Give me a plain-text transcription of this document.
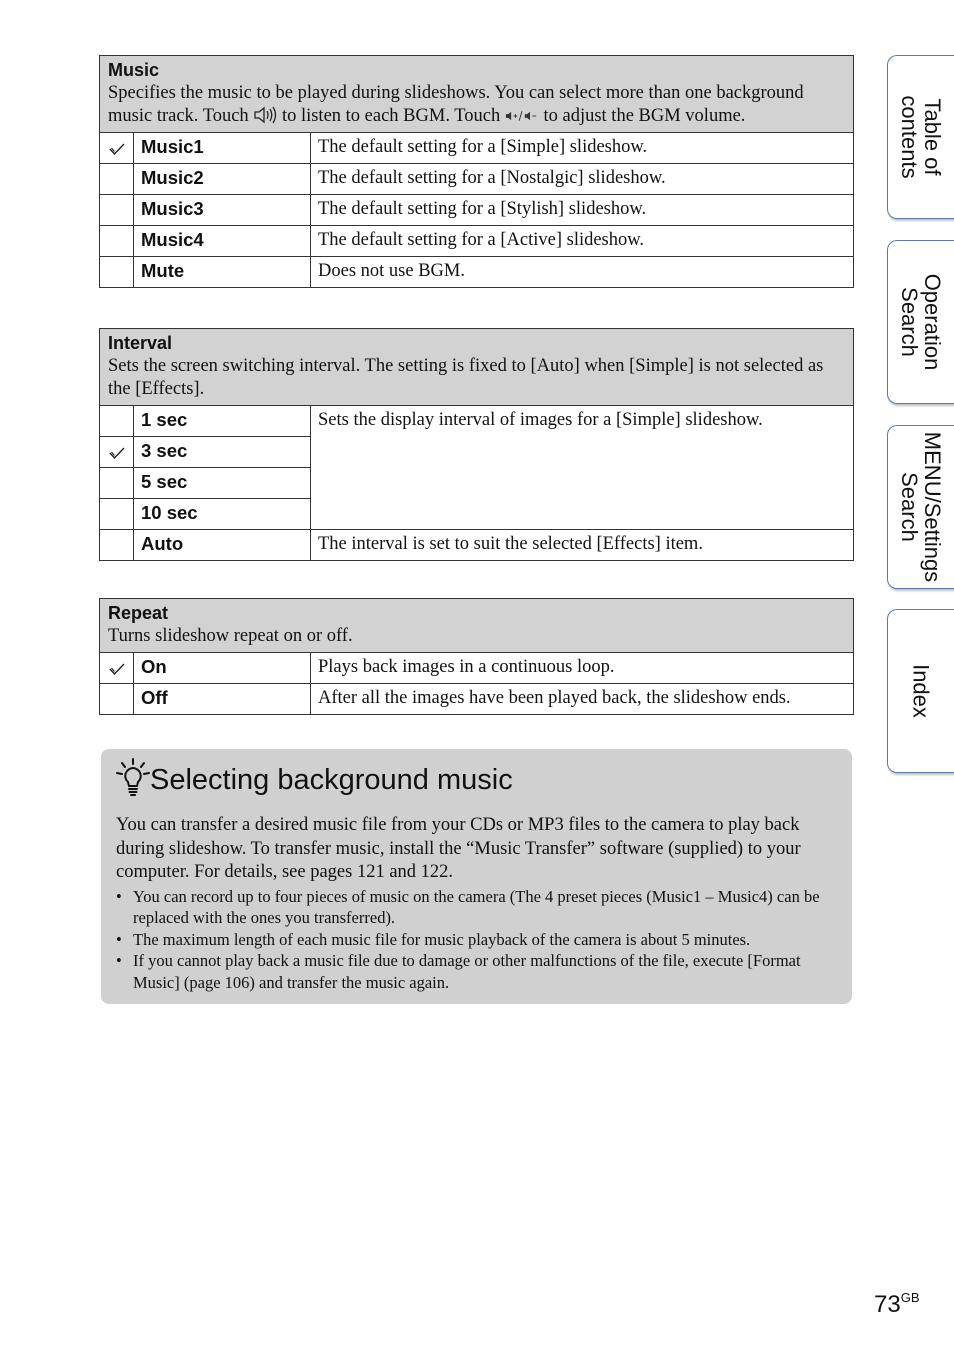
Music
Specifies the music to be played during slideshows. You can select more than one background music track. Touch to listen to each BGM. Touch to adjust the BGM volume.		

	Music1	The default setting for a [Simple] slideshow.
	Music2	The default setting for a [Nostalgic] slideshow.
	Music3	The default setting for a [Stylish] slideshow.
	Music4	The default setting for a [Active] slideshow.
	Mute	Does not use BGM.
Interval
Sets the screen switching interval. The setting is fixed to [Auto] when [Simple] is not selected as the [Effects].		

	1 sec	Sets the display interval of images for a [Simple] slideshow.
	3 sec	
	5 sec	
	10 sec	
	Auto	The interval is set to suit the selected [Effects] item.
Repeat
Turns slideshow repeat on or off.		

	On	Plays back images in a continuous loop.
	Off	After all the images have been played back, the slideshow ends.
Selecting background music
You can transfer a desired music file from your CDs or MP3 files to the camera to play back during slideshow. To transfer music, install the “Music Transfer” software (supplied) to your computer. For details, see pages 121 and 122.
• You can record up to four pieces of music on the camera (The 4 preset pieces (Music1 – Music4) can be replaced with the ones you transferred).
• The maximum length of each music file for music playback of the camera is about 5 minutes.
• If you cannot play back a music file due to damage or other malfunctions of the file, execute [Format Music] (page 106) and transfer the music again.
Table of
contents
Operation
Search
MENU/Settings
Search
Index
$73^{GB}$
